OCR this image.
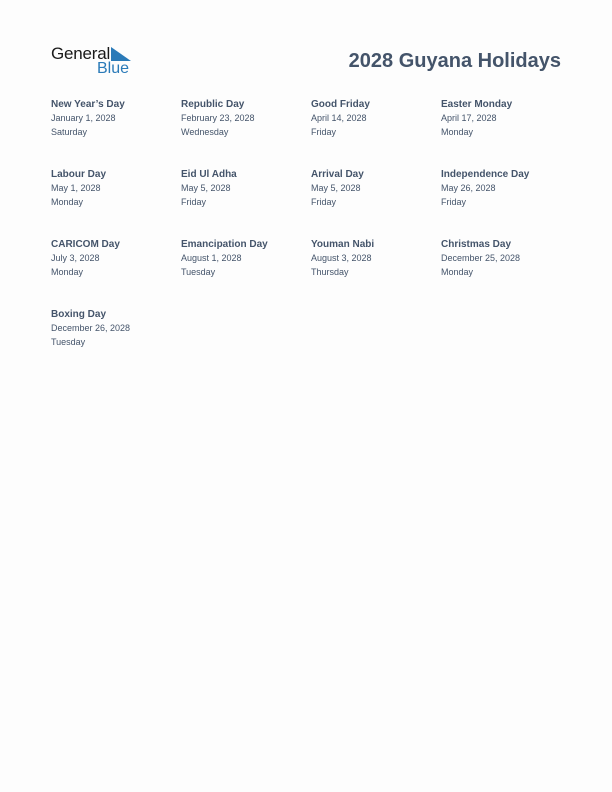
General
Blue	2028 Guyana Holidays
New Year’s Day
January 1, 2028
Saturday
Republic Day
February 23, 2028
Wednesday
Good Friday
April 14, 2028
Friday
Easter Monday
April 17, 2028
Monday
Labour Day
May 1, 2028
Monday
Eid Ul Adha
May 5, 2028
Friday
Arrival Day
May 5, 2028
Friday
Independence Day
May 26, 2028
Friday
CARICOM Day
July 3, 2028
Monday
Emancipation Day
August 1, 2028
Tuesday
Youman Nabi
August 3, 2028
Thursday
Christmas Day
December 25, 2028
Monday
Boxing Day
December 26, 2028
Tuesday
